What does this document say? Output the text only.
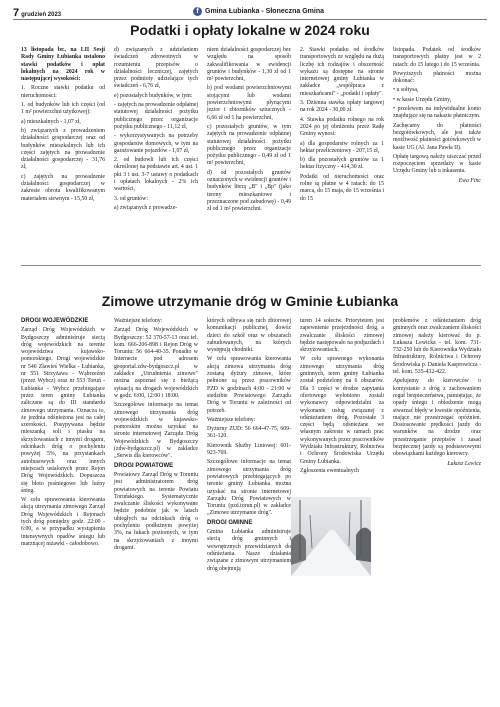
7 grudzień 2023	f Gmina Łubianka - Słoneczna Gmina
Podatki i opłaty lokalne w 2024 roku

13 listopada br., na LII Sesji Rady Gminy Łubianka ustalono stawki podatków i opłat lokalnych na 2024 rok w następującej wysokości:

1. Roczne stawki podatku od nieruchomości:

1. od budynków lub ich części (od 1 m² powierzchni użytkowej):

a) mieszkalnych - 1,07 zł,

b) związanych z prowadzeniem działalności gospodarczej oraz od budynków mieszkalnych lub ich części zajętych na prowadzenie działalności gospodarczej - 31,76 zł,

c) zajętych na prowadzenie działalności gospodarczej w zakresie obrotu kwalifikowanym materiałem siewnym - 15,50 zł,

d) związanych z udzielaniem świadczeń zdrowotnych w rozumieniu przepisów o działalności leczniczej, zajętych przez podmioty udzielające tych świadczeń - 6,76 zł,

e) pozostałych budynków, w tym:

- zajętych na prowadzenie odpłatnej statutowej działalności pożytku publicznego przez organizacje pożytku publicznego - 11,12 zł,

- wykorzystywanych na potrzeby gospodarstw domowych, w tym na garażowanie pojazdów - 1,07 zł,

2. od budowli lub ich części określonej na podstawie art. 4 ust. 1 pkt 3 i ust. 3-7 ustawy o podatkach i opłatach lokalnych - 2% ich wartości,

3. od gruntów:

a) związanych z prowadze-

niem działalności gospodarczej bez względu na sposób zakwalifikowania w ewidencji gruntów i budynków - 1,30 zł od 1 m² powierzchni,

b) pod wodami powierzchniowymi stojącymi lub wodami powierzchniowymi płynącymi jezior i zbiorników sztucznych - 6,66 zł od 1 ha powierzchni,

c) pozostałych gruntów, w tym zajętych na prowadzenie odpłatnej statutowej działalności pożytku publicznego przez organizacje pożytku publicznego - 0,49 zł od 1 m² powierzchni,

d) od pozostałych gruntów oznaczonych w ewidencji gruntów i budynków literą „B" i „Bp" (jako tereny mieszkaniowe i przeznaczone pod zabudowę) - 0,49 zł od 1 m² powierzchni.

2. Stawki podatku od środków transportowych ze względu na dużą liczbę ich rodzajów i obszerność wykazu są dostępne na stronie internetowej gminy Łubianka w zakładce „współpraca z mieszkańcami" - „podatki i opłaty".

3. Dzienna stawka opłaty targowej na rok 2024 - 30,00 zł.

4. Stawka podatku rolnego na rok 2024 po jej obniżeniu przez Radę Gminy wynosi:

a) dla gospodarstw rolnych za 1 hektar przeliczeniowy - 207,15 zł,

b) dla pozostałych gruntów za 1 hektar fizyczny - 414,30 zł.

Podatki od nieruchomości oraz rolne są płatne w 4 ratach: do 15 marca, do 15 maja, do 15 września i do 15

listopada. Podatek od środków transportowych płatny jest w 2 ratach: do 15 lutego i do 15 września.

Powyższych płatności można dokonać:

• u sołtysa,

• w kasie Urzędu Gminy,

• przelewem na indywidualne konto znajdujące się na nakazie płatniczym.

Zachęcamy do płatności bezgotówkowych, ale jest także możliwość płatności gotówkowych w kasie UG (Al. Jana Pawła II).

Opłatę targową należy uiszczać przed rozpoczęciem sprzedaży w kasie Urzędu Gminy lub u inkasenta.

Ewa Finc

Zimowe utrzymanie dróg w Gminie Łubianka
DROGI WOJEWÓDZKIE

Zarząd Dróg Wojewódzkich w Bydgoszczy administruje siecią dróg wojewódzkich na terenie województwa kujawsko-pomorskiego. Drogi wojewódzkie nr 546 Zławieś Wielka - Łubianka, nr 551 Strzyżawa - Wąbrzeźno (przez Wybcz) oraz nr 553 Toruń - Łubianka - Wybcz przebiegające przez teren gminy Łubianka zaliczane są do III standardu zimowego utrzymania. Oznacza to, że jezdnia odśnieżona jest na całej szerokości. Posypywana będzie mieszanką soli i piasku na skrzyżowaniach z innymi drogami, odcinkach dróg o pochyleniu powyżej 5%, na przystankach autobusowych oraz innych miejscach ustalonych przez Rejon Dróg Wojewódzkich. Dopuszcza się błoto pośniegowe lub luźny śnieg.

W celu sprawowania kierowania akcją utrzymania zimowego Zarząd Dróg Wojewódzkich i Rejonach tych dróg pomiędzy godz. 22:00 - 6:00, a w przypadku wystąpienia intensywnych opadów śniegu lub marznącej mżawki - całodobowo.

Ważniejsze telefony:

Zarząd Dróg Wojewódzkich w Bydgoszczy: 52 370-57-13 oraz tel. kom. 666-206-898 i Rejon Dróg w Toruniu: 56 664-40-35. Ponadto w Internecie pod adresem geoportal.zdw-bydgoszcz.pl w zakładce „Utrudnienia zimowe" można zapoznać się z bieżącą sytuacją na drogach wojewódzkich w godz. 6:00, 12:00 i 18:00.

Szczegółowe informacje na temat zimowego utrzymania dróg wojewódzkich w kujawsko-pomorskim można uzyskać na stronie internetowej Zarządu Dróg Wojewódzkich w Bydgoszczy (zdw-bydgoszcz.pl) w zakładce „Serwis dla kierowców".

DROGI POWIATOWE

Powiatowy Zarząd Dróg w Toruniu jest administratorem dróg powiatowych na terenie Powiatu Toruńskiego. Systematycznie zwalczanie śliskości wykonywane będzie podobnie jak w latach ubiegłych na odcinkach dróg o pochyleniu podłużnym powyżej 3%, na łukach poziomych, w tym na skrzyżowaniach z innymi drogami.

których odbywa się ruch zbiorowej komunikacji publicznej, dowóz dzieci do szkół oraz w obszarach zabudowanych, na których występują chodniki.

W celu sprawowania kierowania akcją zimowa utrzymania dróg zostaną dyżury zimowe, które pełnione są przez pracowników PZD w godzinach 4:00 - 21:00 w siedzibie Powiatowego Zarządu Dróg w Toruniu w zależności od potrzeb.

Ważniejsze telefony:

Dyżurny ZUD: 56 664-47-75, 609-361-120.

Kierownik Służby Liniowej: 601-923-769.

Szczegółowe informacje na temat zimowego utrzymania dróg powiatowych przebiegających po terenie gminy Łubianka można uzyskać na stronie internetowej Zarządu Dróg Powiatowych w Toruniu (pzd.torun.pl) w zakładce „Zimowe utrzymanie dróg".

DROGI GMINNE

Gmina Łubianka administruje siecią dróg gminnych i wewnętrznych przewidzianych do odśnieżania. Nasze działania związane z zimowym utrzymaniem dróg obejmują

turen 14 sołectw. Priorytetem jest zapewnienie przejezdności dróg, a zwalczanie śliskości zimowej będzie następowało na podjazdach i skrzyżowaniach.

W celu sprawnego wykonania zimowego utrzymania dróg gminnych, teren gminy Łubianka został podzielony na 6 obszarów. Dla 3 części w drodze zapytania ofertowego wyłoniono zostali wykonawcy odpowiedzialni za wykonanie usług związanej z odśnieżaniem dróg. Pozostałe 3 części będą odśnieżane we własnym zakresie w ramach prac wykonywanych przez pracowników Wydziału Infrastruktury, Rolnictwa i Ochrony Środowiska Urzędu Gminy Łubianka.

Zgłoszenia ewentualnych

problemów z odśnieżaniem dróg gminnych oraz zwalczaniem śliskości zimowej należy kierować do p. Łukasza Lewicka - tel. kom. 731-732-250 lub do Kierownika Wydziału Infrastruktury, Rolnictwa i Ochrony Środowiska p. Daniela Kasprowicza - tel. kom. 535-432-422.

Apelujemy do kierowców o korzystanie z dróg z zachowaniem reguł bezpieczeństwa, pamiętając, że opady śniegu i oblodzenie mogą stwarzać błędy w kwestie opóźnienia, mające nie przestrzegać opóźnień. Dostosowanie prędkości jazdy do warunków na drodze oraz przestrzeganie przepisów i zasad bezpiecznej jazdy są podstawowymi obowiązkami każdego kierowcy.

Łukasz Lewicz
